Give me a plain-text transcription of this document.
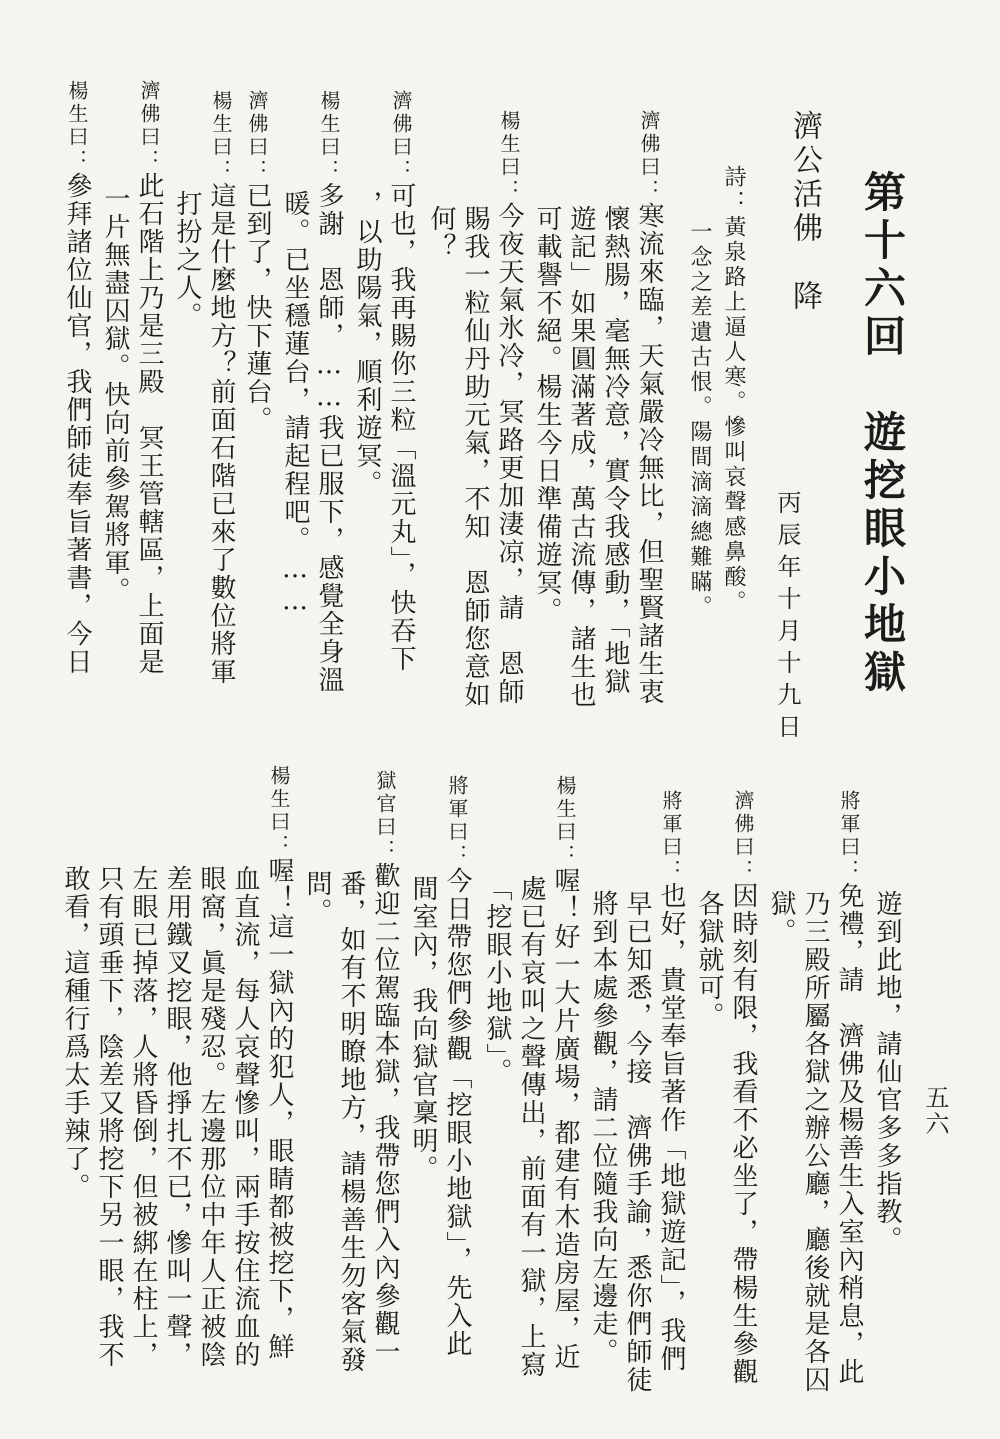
五六
第十六回　遊挖眼小地獄
濟公活佛　降
丙辰年十月十九日
詩：黃泉路上逼人寒。慘叫哀聲感鼻酸。
一念之差遺古恨。陽間滴滴總難瞞。
濟佛曰：寒流來臨，天氣嚴冷無比，但聖賢諸生衷
懷熱腸，毫無冷意，實令我感動，「地獄
遊記」如果圓滿著成，萬古流傳，諸生也
可載譽不絕。楊生今日準備遊冥。
楊生曰：今夜天氣氷冷，冥路更加淒凉，請　恩師
賜我一粒仙丹助元氣，不知　恩師您意如
何？
濟佛曰：可也，我再賜你三粒「溫元丸」，快吞下
，以助陽氣，順利遊冥。
楊生曰：多謝　恩師，……我已服下，感覺全身溫
暖。已坐穩蓮台，請起程吧。……
濟佛曰：已到了，快下蓮台。
楊生曰：這是什麼地方？前面石階已來了數位將軍
打扮之人。
濟佛曰：此石階上乃是三殿　冥王管轄區，上面是
一片無盡囚獄。快向前參駕將軍。
楊生曰：參拜諸位仙官，我們師徒奉旨著書，今日
遊到此地，請仙官多多指教。
將軍曰：免禮，請　濟佛及楊善生入室內稍息，此
乃三殿所屬各獄之辦公廳，廳後就是各囚
獄。
濟佛曰：因時刻有限，我看不必坐了，帶楊生參觀
各獄就可。
將軍曰：也好，貴堂奉旨著作「地獄遊記」，我們
早已知悉，今接　濟佛手諭，悉你們師徒
將到本處參觀，請二位隨我向左邊走。
楊生曰：喔！好一大片廣場，都建有木造房屋，近
處已有哀叫之聲傳出，前面有一獄，上寫
「挖眼小地獄」。
將軍曰：今日帶您們參觀「挖眼小地獄」，先入此
間室內，我向獄官稟明。
獄官曰：歡迎二位駕臨本獄，我帶您們入內參觀一
番，如有不明瞭地方，請楊善生勿客氣發
問。
楊生曰：喔！這一獄內的犯人，眼睛都被挖下，鮮
血直流，每人哀聲慘叫，兩手按住流血的
眼窩，眞是殘忍。左邊那位中年人正被陰
差用鐵叉挖眼，他掙扎不已，慘叫一聲，
左眼已掉落，人將昏倒，但被綁在柱上，
只有頭垂下，陰差又將挖下另一眼，我不
敢看，這種行爲太手辣了。
